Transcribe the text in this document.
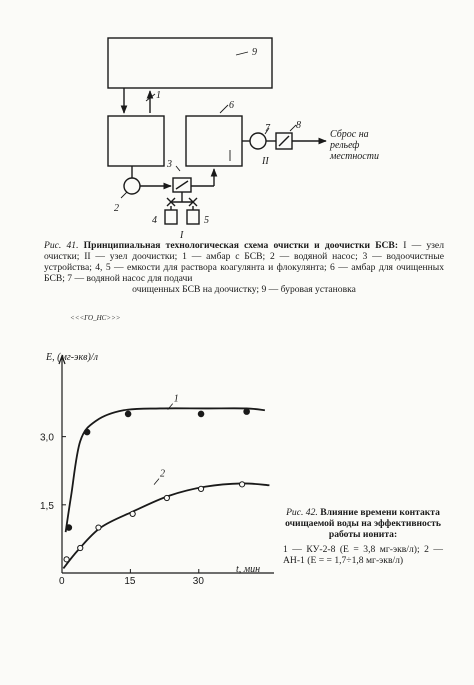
9
1
6
7	8
2
3
4	5
I
II
Сброс на
рельеф
местности
Рис. 41. Принципиальная технологическая схема очистки и доочистки БСВ: I — узел очистки; II — узел доочистки; 1 — амбар с БСВ; 2 — водяной насос; 3 — водоочистные устройства; 4, 5 — емкости для раствора коагулянта и флокулянта; 6 — амбар для очищенных БСВ; 7 — водяной насос для подачи
очищенных БСВ на доочистку; 9 — буровая установка
E, (мг-экв)/л
t, мин
<<<ГО_НС>>>
0	15	30
3,0
1,5
1
2
Рис. 42. Влияние времени контакта очищаемой воды на эффективность работы ионита:
1 — КУ-2-8 (E = 3,8 мг-экв/л); 2 — АН-1 (E = = 1,7÷1,8 мг-экв/л)
